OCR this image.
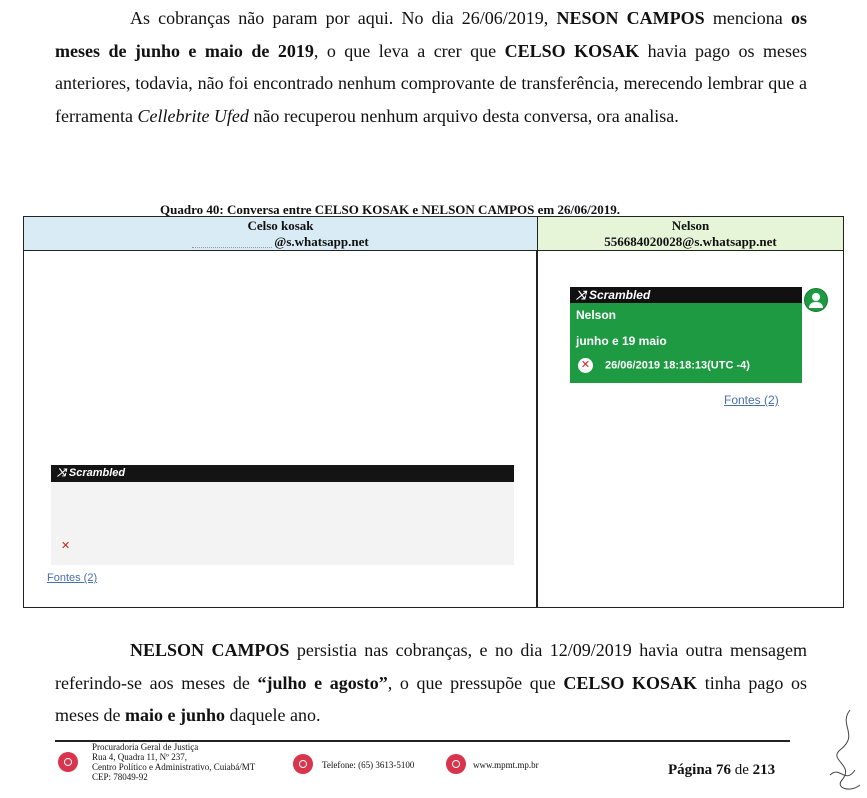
As cobranças não param por aqui. No dia 26/06/2019, NESON CAMPOS menciona os meses de junho e maio de 2019, o que leva a crer que CELSO KOSAK havia pago os meses anteriores, todavia, não foi encontrado nenhum comprovante de transferência, merecendo lembrar que a ferramenta Cellebrite Ufed não recuperou nenhum arquivo desta conversa, ora analisa.

Quadro 40: Conversa entre CELSO KOSAK e NELSON CAMPOS em 26/06/2019.
Celso kosak
@s.whatsapp.net
Nelson
556684020028@s.whatsapp.net
⤨ Scrambled
Nelson
junho e 19 maio
✕ 26/06/2019 18:18:13(UTC -4)
Fontes (2)
⤨ Scrambled

✕
Fontes (2)

NELSON CAMPOS persistia nas cobranças, e no dia 12/09/2019 havia outra mensagem referindo-se aos meses de “julho e agosto”, o que pressupõe que CELSO KOSAK tinha pago os meses de maio e junho daquele ano.

Procuradoria Geral de Justiça
Rua 4, Quadra 11, Nº 237,
Centro Político e Administrativo, Cuiabá/MT
CEP: 78049-92
Telefone: (65) 3613-5100	www.mpmt.mp.br	Página 76 de 213
